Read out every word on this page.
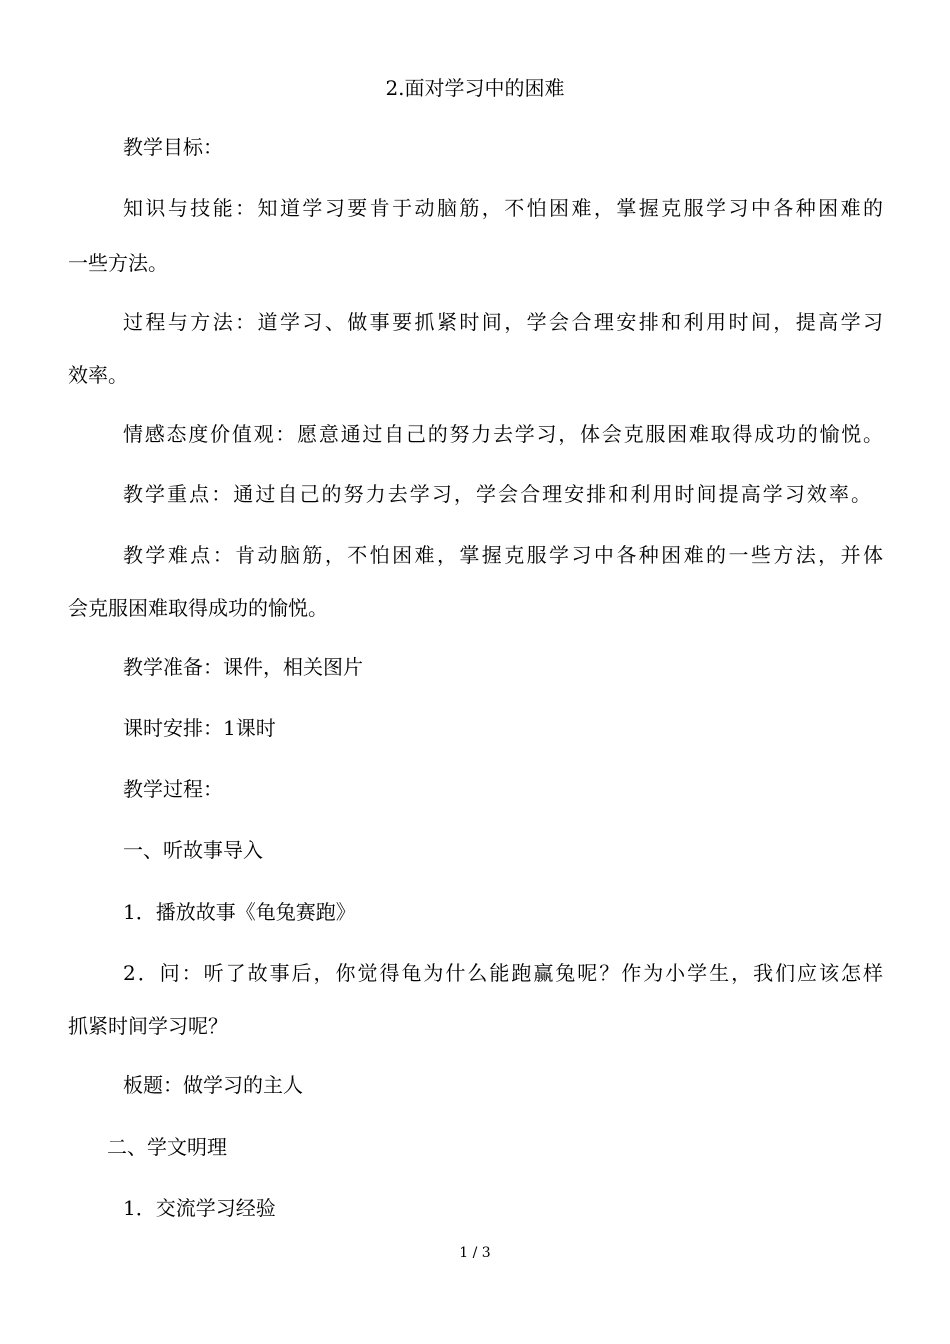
2.面对学习中的困难

教学目标：

知识与技能：知道学习要肯于动脑筋，不怕困难，掌握克服学习中各种困难的

一些方法。

过程与方法：道学习、做事要抓紧时间，学会合理安排和利用时间，提高学习

效率。

情感态度价值观：愿意通过自己的努力去学习，体会克服困难取得成功的愉悦。

教学重点：通过自己的努力去学习，学会合理安排和利用时间提高学习效率。

教学难点：肯动脑筋，不怕困难，掌握克服学习中各种困难的一些方法，并体

会克服困难取得成功的愉悦。

教学准备：课件，相关图片

课时安排：1课时

教学过程：

一、听故事导入

1．播放故事《龟兔赛跑》

2．问：听了故事后，你觉得龟为什么能跑赢兔呢？作为小学生，我们应该怎样

抓紧时间学习呢？

板题：做学习的主人

二、学文明理

1．交流学习经验

1 / 3
